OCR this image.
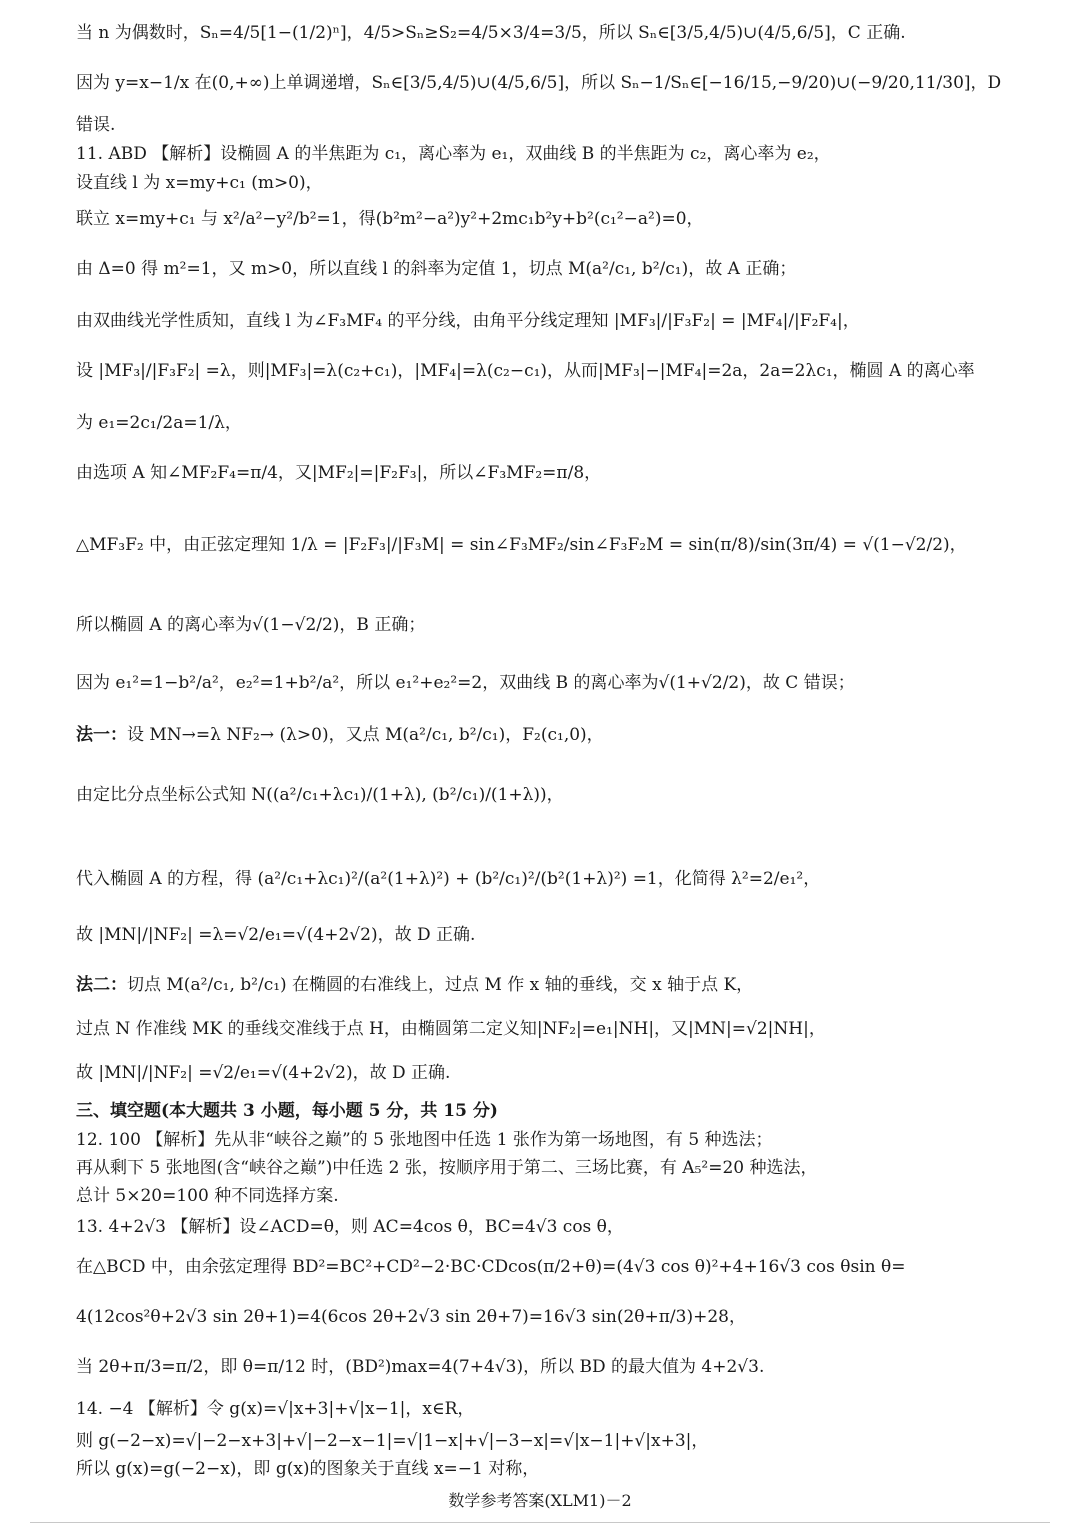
当 n 为偶数时，Sₙ=4/5[1−(1/2)ⁿ]，4/5>Sₙ≥S₂=4/5×3/4=3/5，所以 Sₙ∈[3/5,4/5)∪(4/5,6/5]，C 正确.
因为 y=x−1/x 在(0,+∞)上单调递增，Sₙ∈[3/5,4/5)∪(4/5,6/5]，所以 Sₙ−1/Sₙ∈[−16/15,−9/20)∪(−9/20,11/30]，D
错误.
11. ABD 【解析】设椭圆 A 的半焦距为 c₁，离心率为 e₁，双曲线 B 的半焦距为 c₂，离心率为 e₂，
设直线 l 为 x=my+c₁ (m>0)，
联立 x=my+c₁ 与 x²/a²−y²/b²=1，得(b²m²−a²)y²+2mc₁b²y+b²(c₁²−a²)=0，
由 Δ=0 得 m²=1，又 m>0，所以直线 l 的斜率为定值 1，切点 M(a²/c₁, b²/c₁)，故 A 正确；
由双曲线光学性质知，直线 l 为∠F₃MF₄ 的平分线，由角平分线定理知 |MF₃|/|F₃F₂| = |MF₄|/|F₂F₄|，
设 |MF₃|/|F₃F₂| =λ，则|MF₃|=λ(c₂+c₁)，|MF₄|=λ(c₂−c₁)，从而|MF₃|−|MF₄|=2a，2a=2λc₁，椭圆 A 的离心率
为 e₁=2c₁/2a=1/λ，
由选项 A 知∠MF₂F₄=π/4，又|MF₂|=|F₂F₃|，所以∠F₃MF₂=π/8，
△MF₃F₂ 中，由正弦定理知 1/λ = |F₂F₃|/|F₃M| = sin∠F₃MF₂/sin∠F₃F₂M = sin(π/8)/sin(3π/4) = √(1−√2/2)，
所以椭圆 A 的离心率为√(1−√2/2)，B 正确；
因为 e₁²=1−b²/a²，e₂²=1+b²/a²，所以 e₁²+e₂²=2，双曲线 B 的离心率为√(1+√2/2)，故 C 错误；
法一：设 MN→=λ NF₂→ (λ>0)，又点 M(a²/c₁, b²/c₁)，F₂(c₁,0)，
由定比分点坐标公式知 N((a²/c₁+λc₁)/(1+λ), (b²/c₁)/(1+λ))，
代入椭圆 A 的方程，得 (a²/c₁+λc₁)²/(a²(1+λ)²) + (b²/c₁)²/(b²(1+λ)²) =1，化简得 λ²=2/e₁²，
故 |MN|/|NF₂| =λ=√2/e₁=√(4+2√2)，故 D 正确.
法二：切点 M(a²/c₁, b²/c₁) 在椭圆的右准线上，过点 M 作 x 轴的垂线，交 x 轴于点 K，
过点 N 作准线 MK 的垂线交准线于点 H，由椭圆第二定义知|NF₂|=e₁|NH|，又|MN|=√2|NH|，
故 |MN|/|NF₂| =√2/e₁=√(4+2√2)，故 D 正确.
三、填空题(本大题共 3 小题，每小题 5 分，共 15 分)
12. 100 【解析】先从非“峡谷之巅”的 5 张地图中任选 1 张作为第一场地图，有 5 种选法；
再从剩下 5 张地图(含“峡谷之巅”)中任选 2 张，按顺序用于第二、三场比赛，有 A₅²=20 种选法，
总计 5×20=100 种不同选择方案.
13. 4+2√3 【解析】设∠ACD=θ，则 AC=4cos θ，BC=4√3 cos θ，
在△BCD 中，由余弦定理得 BD²=BC²+CD²−2·BC·CDcos(π/2+θ)=(4√3 cos θ)²+4+16√3 cos θsin θ=
4(12cos²θ+2√3 sin 2θ+1)=4(6cos 2θ+2√3 sin 2θ+7)=16√3 sin(2θ+π/3)+28，
当 2θ+π/3=π/2，即 θ=π/12 时，(BD²)max=4(7+4√3)，所以 BD 的最大值为 4+2√3.
14. −4 【解析】令 g(x)=√|x+3|+√|x−1|，x∈R，
则 g(−2−x)=√|−2−x+3|+√|−2−x−1|=√|1−x|+√|−3−x|=√|x−1|+√|x+3|，
所以 g(x)=g(−2−x)，即 g(x)的图象关于直线 x=−1 对称，
数学参考答案(XLM1)－2
